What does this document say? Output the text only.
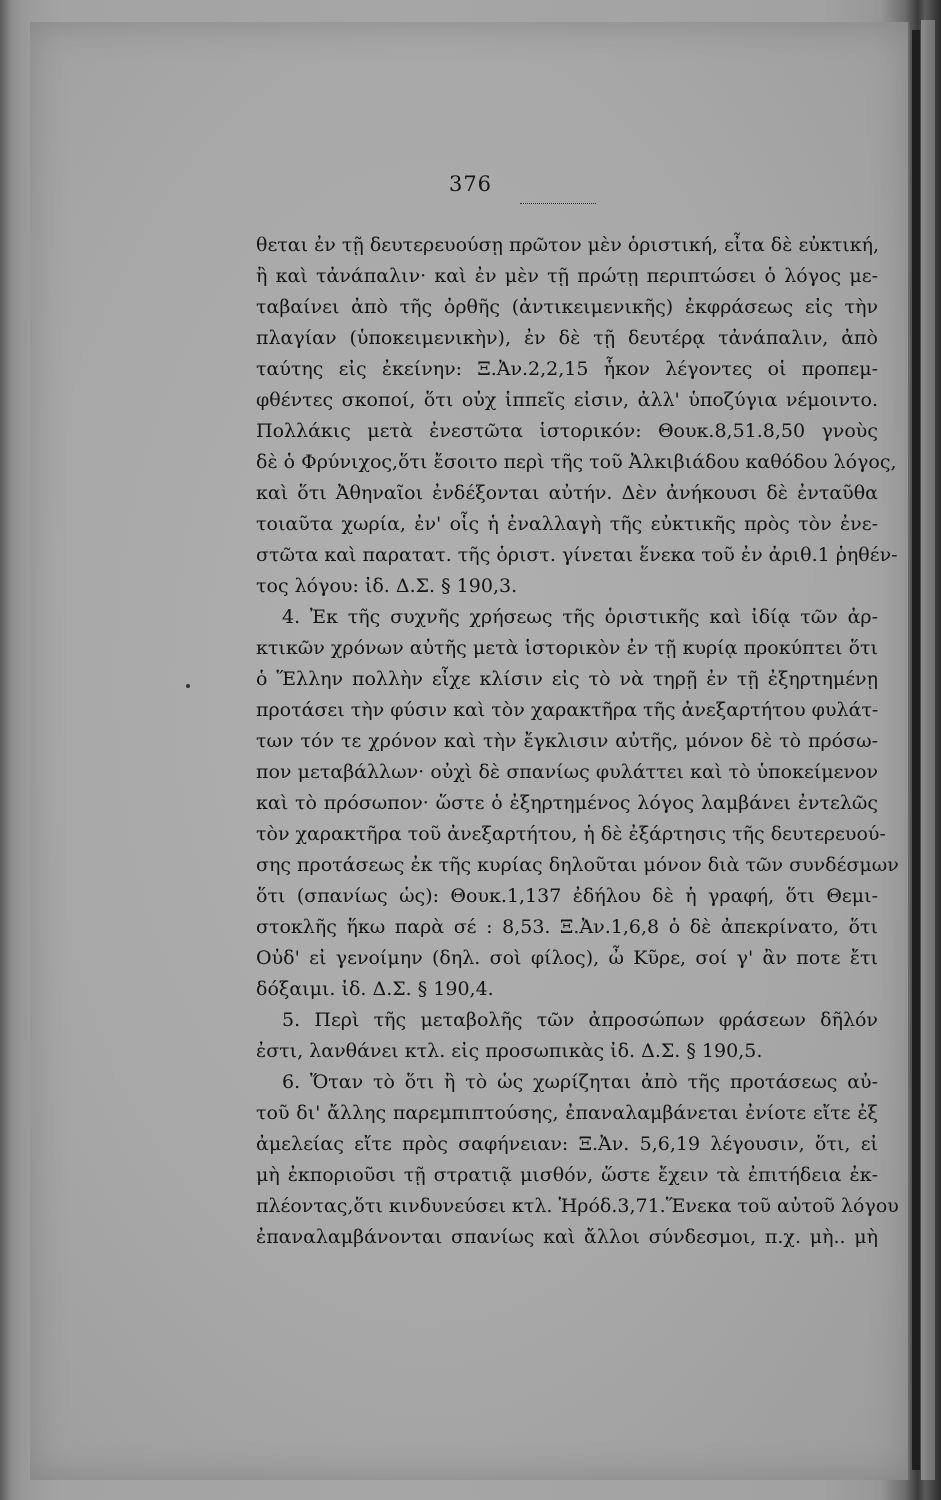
376
θεται ἐν τῇ δευτερευούσῃ πρῶτον μὲν ὁριστική, εἶτα δὲ εὐκτική,
ἢ καὶ τἀνάπαλιν· καὶ ἐν μὲν τῇ πρώτῃ περιπτώσει ὁ λόγος με-
ταβαίνει ἀπὸ τῆς ὀρθῆς (ἀντικειμενικῆς) ἐκφράσεως εἰς τὴν
πλαγίαν (ὑποκειμενικὴν), ἐν δὲ τῇ δευτέρᾳ τἀνάπαλιν, ἀπὸ
ταύτης εἰς ἐκείνην: Ξ.Ἀν.2,2,15 ἧκον λέγοντες οἱ προπεμ-
φθέντες σκοποί, ὅτι οὐχ ἱππεῖς εἰσιν, ἀλλ' ὑποζύγια νέμοιντο.
Πολλάκις μετὰ ἐνεστῶτα ἱστορικόν: Θουκ.8,51.8,50 γνοὺς
δὲ ὁ Φρύνιχος,ὅτι ἔσοιτο περὶ τῆς τοῦ Ἀλκιβιάδου καθόδου λόγος,
καὶ ὅτι Ἀθηναῖοι ἐνδέξονται αὐτήν. Δὲν ἀνήκουσι δὲ ἐνταῦθα
τοιαῦτα χωρία, ἐν' οἷς ἡ ἐναλλαγὴ τῆς εὐκτικῆς πρὸς τὸν ἐνε-
στῶτα καὶ παρατατ. τῆς ὁριστ. γίνεται ἕνεκα τοῦ ἐν ἀριθ.1 ῥηθέν-
τος λόγου: ἰδ. Δ.Σ. § 190,3.
4. Ἐκ τῆς συχνῆς χρήσεως τῆς ὁριστικῆς καὶ ἰδίᾳ τῶν ἀρ-
κτικῶν χρόνων αὐτῆς μετὰ ἱστορικὸν ἐν τῇ κυρίᾳ προκύπτει ὅτι
ὁ Ἕλλην πολλὴν εἶχε κλίσιν εἰς τὸ νὰ τηρῇ ἐν τῇ ἐξηρτημένῃ
προτάσει τὴν φύσιν καὶ τὸν χαρακτῆρα τῆς ἀνεξαρτήτου φυλάτ-
των τόν τε χρόνον καὶ τὴν ἔγκλισιν αὐτῆς, μόνον δὲ τὸ πρόσω-
πον μεταβάλλων· οὐχὶ δὲ σπανίως φυλάττει καὶ τὸ ὑποκείμενον
καὶ τὸ πρόσωπον· ὥστε ὁ ἐξηρτημένος λόγος λαμβάνει ἐντελῶς
τὸν χαρακτῆρα τοῦ ἀνεξαρτήτου, ἡ δὲ ἐξάρτησις τῆς δευτερευού-
σης προτάσεως ἐκ τῆς κυρίας δηλοῦται μόνον διὰ τῶν συνδέσμων
ὅτι (σπανίως ὡς): Θουκ.1,137 ἐδήλου δὲ ἡ γραφή, ὅτι Θεμι-
στοκλῆς ἥκω παρὰ σέ : 8,53. Ξ.Ἀν.1,6,8 ὁ δὲ ἀπεκρίνατο, ὅτι
Οὐδ' εἰ γενοίμην (δηλ. σοὶ φίλος), ὦ Κῦρε, σοί γ' ἂν ποτε ἔτι
δόξαιμι. ἰδ. Δ.Σ. § 190,4.
5. Περὶ τῆς μεταβολῆς τῶν ἀπροσώπων φράσεων δῆλόν
ἐστι, λανθάνει κτλ. εἰς προσωπικὰς ἰδ. Δ.Σ. § 190,5.
6. Ὅταν τὸ ὅτι ἢ τὸ ὡς χωρίζηται ἀπὸ τῆς προτάσεως αὐ-
τοῦ δι' ἄλλης παρεμπιπτούσης, ἐπαναλαμβάνεται ἐνίοτε εἴτε ἐξ
ἀμελείας εἴτε πρὸς σαφήνειαν: Ξ.Ἀν. 5,6,19 λέγουσιν, ὅτι, εἰ
μὴ ἐκποριοῦσι τῇ στρατιᾷ μισθόν, ὥστε ἔχειν τὰ ἐπιτήδεια ἐκ-
πλέοντας,ὅτι κινδυνεύσει κτλ. Ἡρόδ.3,71.Ἕνεκα τοῦ αὐτοῦ λόγου
ἐπαναλαμβάνονται σπανίως καὶ ἄλλοι σύνδεσμοι, π.χ. μὴ.. μὴ
